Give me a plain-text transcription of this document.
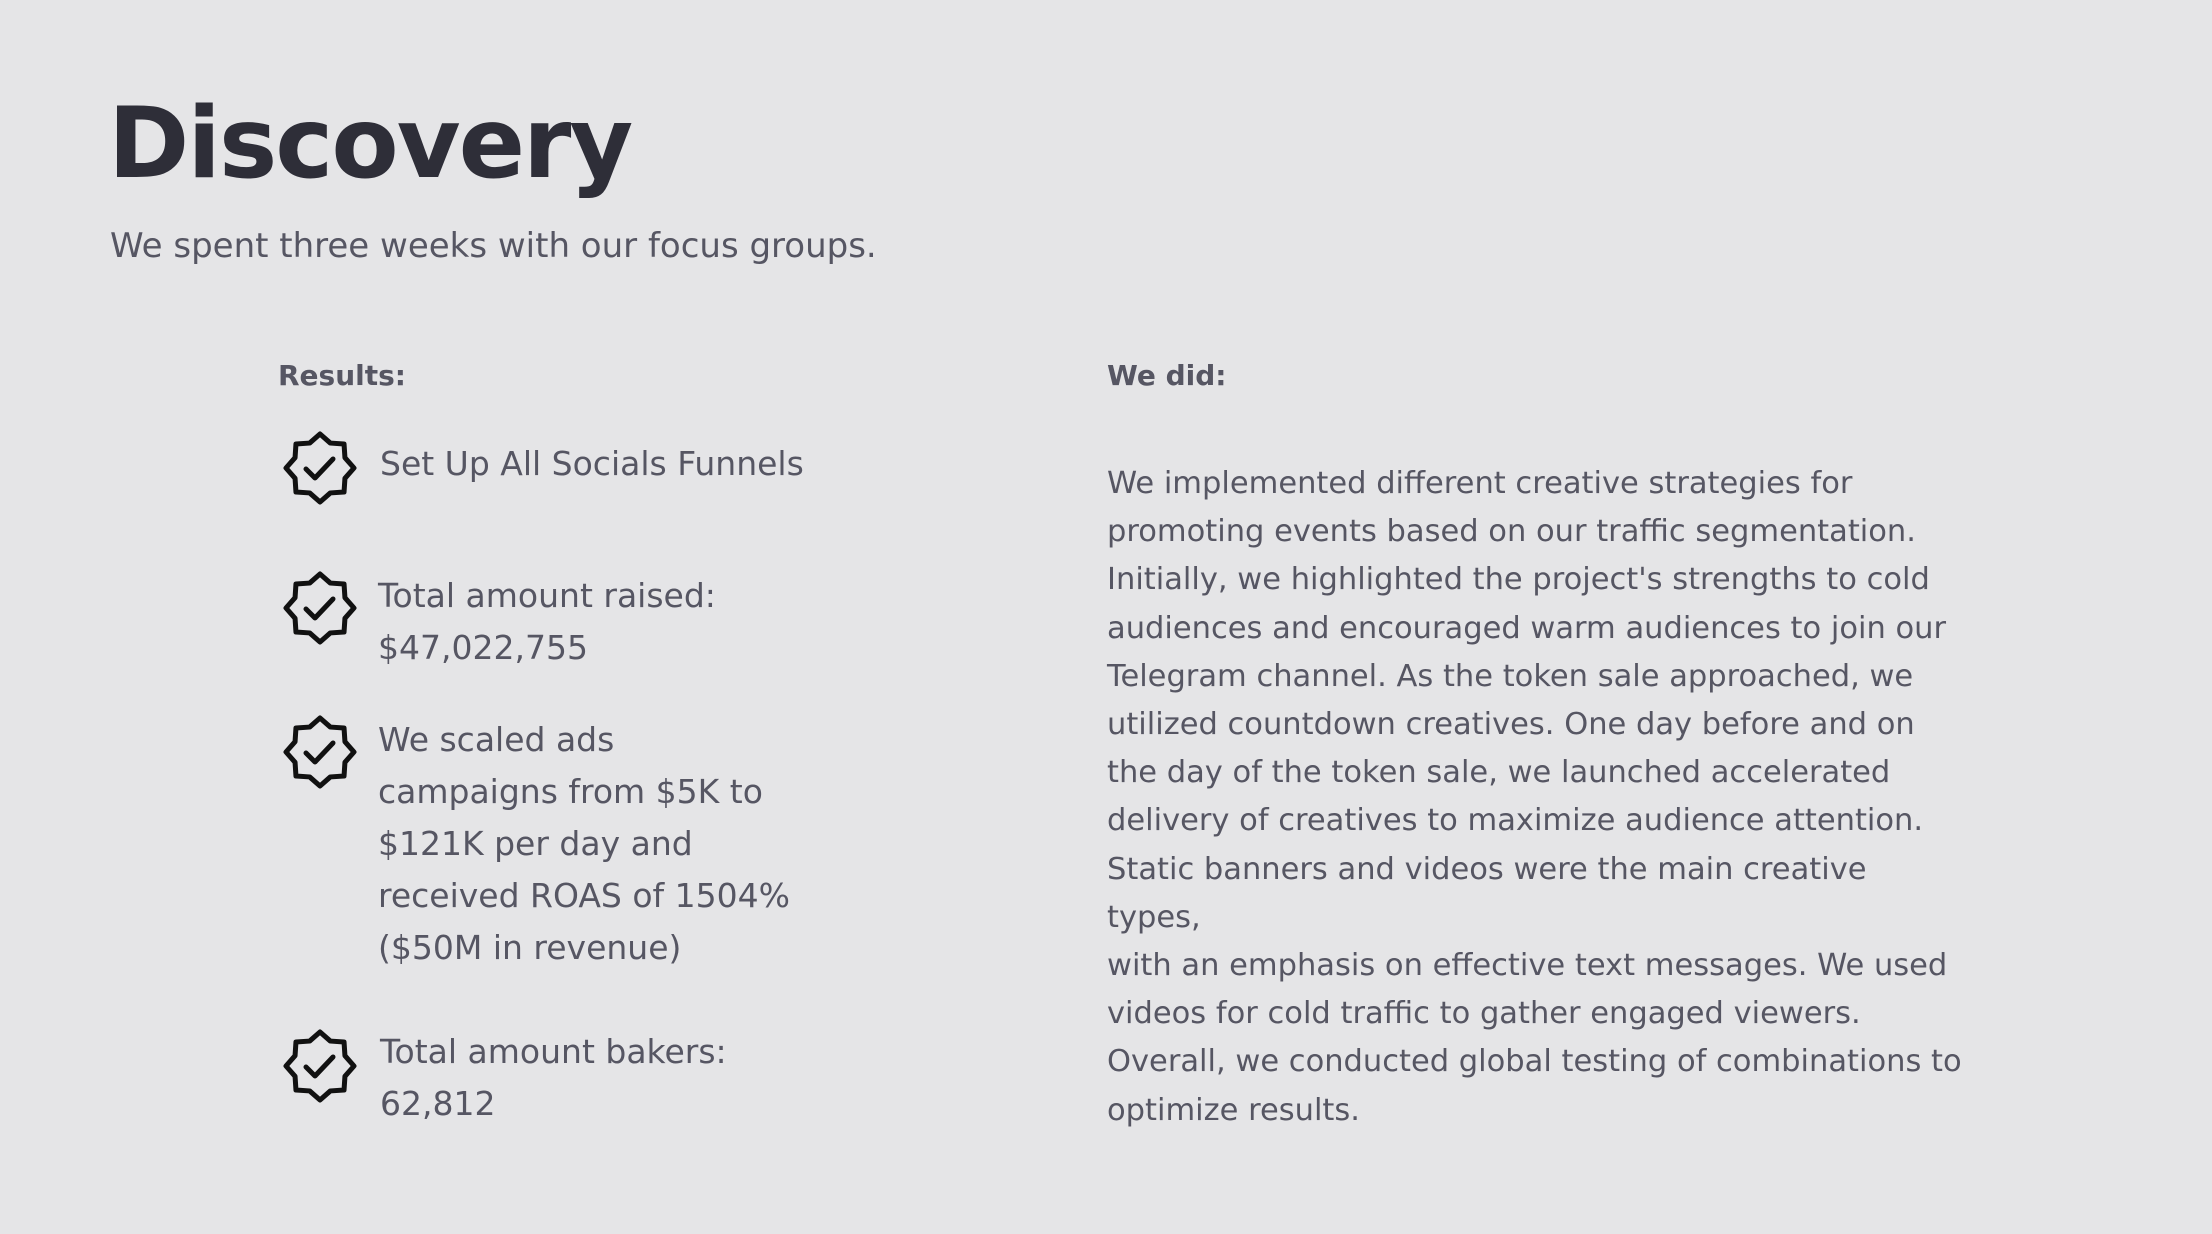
Discovery

We spent three weeks with our focus groups.

Results:	We did:

Set Up All Socials Funnels

Total amount raised:
$47,022,755

We scaled ads
campaigns from $5K to
$121K per day and
received ROAS of 1504%
($50M in revenue)

Total amount bakers:
62,812

We implemented different creative strategies for
promoting events based on our traffic segmentation.
Initially, we highlighted the project's strengths to cold
audiences and encouraged warm audiences to join our
Telegram channel. As the token sale approached, we
utilized countdown creatives. One day before and on
the day of the token sale, we launched accelerated
delivery of creatives to maximize audience attention.
Static banners and videos were the main creative types,
with an emphasis on effective text messages. We used
videos for cold traffic to gather engaged viewers.
Overall, we conducted global testing of combinations to
optimize results.
